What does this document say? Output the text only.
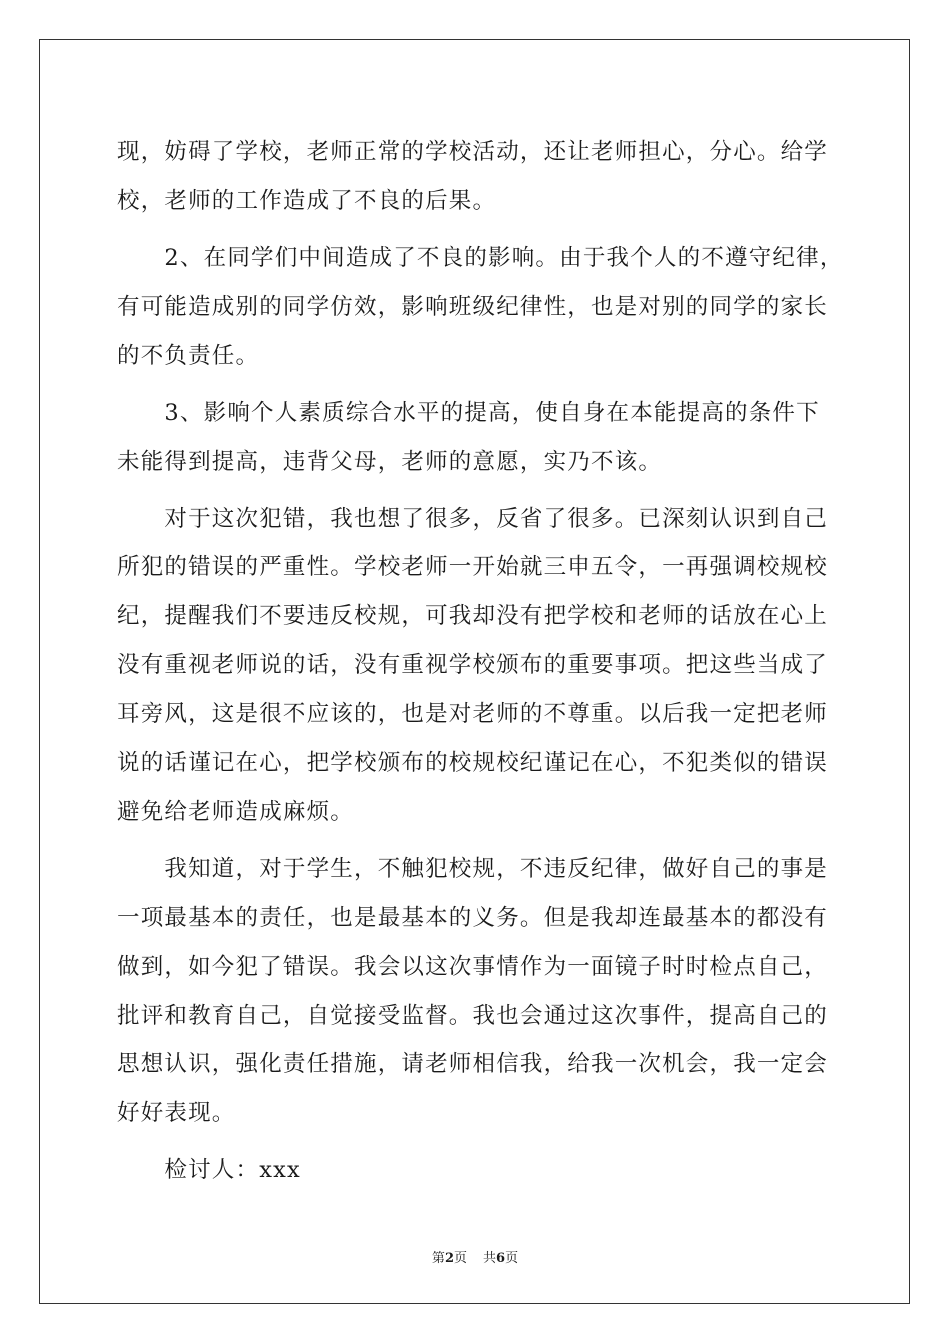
现，妨碍了学校，老师正常的学校活动，还让老师担心，分心。给学
校，老师的工作造成了不良的后果。
　　2、在同学们中间造成了不良的影响。由于我个人的不遵守纪律，
有可能造成别的同学仿效，影响班级纪律性，也是对别的同学的家长
的不负责任。
　　3、影响个人素质综合水平的提高，使自身在本能提高的条件下
未能得到提高，违背父母，老师的意愿，实乃不该。
　　对于这次犯错，我也想了很多，反省了很多。已深刻认识到自己
所犯的错误的严重性。学校老师一开始就三申五令，一再强调校规校
纪，提醒我们不要违反校规，可我却没有把学校和老师的话放在心上
没有重视老师说的话，没有重视学校颁布的重要事项。把这些当成了
耳旁风，这是很不应该的，也是对老师的不尊重。以后我一定把老师
说的话谨记在心，把学校颁布的校规校纪谨记在心，不犯类似的错误
避免给老师造成麻烦。
　　我知道，对于学生，不触犯校规，不违反纪律，做好自己的事是
一项最基本的责任，也是最基本的义务。但是我却连最基本的都没有
做到，如今犯了错误。我会以这次事情作为一面镜子时时检点自己，
批评和教育自己，自觉接受监督。我也会通过这次事件，提高自己的
思想认识，强化责任措施，请老师相信我，给我一次机会，我一定会
好好表现。
　　检讨人：xxx
第2页 共6页
